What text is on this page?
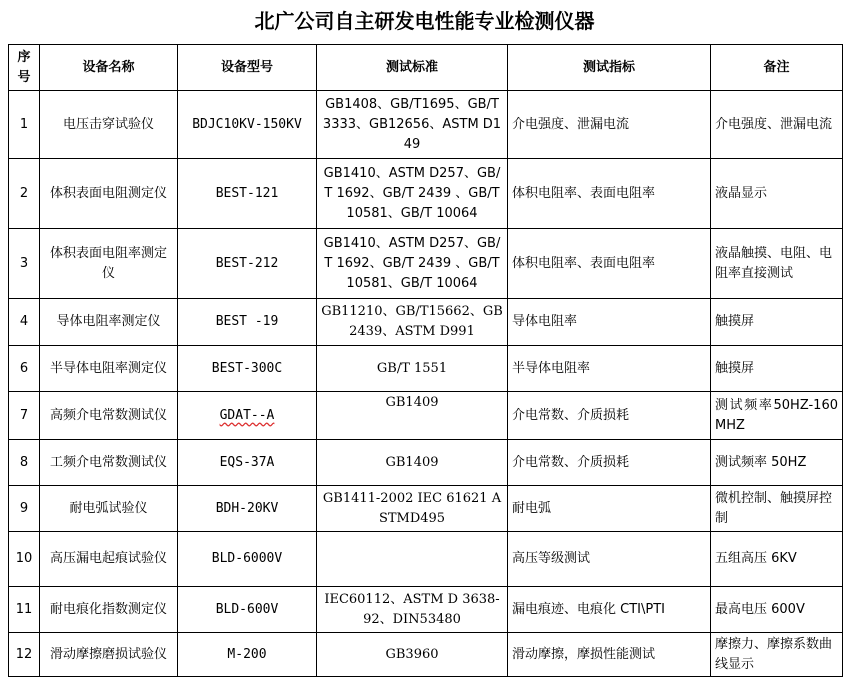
北广公司自主研发电性能专业检测仪器
序号	设备名称	设备型号	测试标准	测试指标	备注
1	电压击穿试验仪	BDJC10KV-150KV	GB1408、GB/T1695、GB/T3333、GB12656、ASTM D149	介电强度、泄漏电流	介电强度、泄漏电流
2	体积表面电阻测定仪	BEST-121	GB1410、ASTM D257、GB/T 1692、GB/T 2439 、GB/T 10581、GB/T 10064	体积电阻率、表面电阻率	液晶显示
3	体积表面电阻率测定仪	BEST-212	GB1410、ASTM D257、GB/T 1692、GB/T 2439 、GB/T 10581、GB/T 10064	体积电阻率、表面电阻率	液晶触摸、电阻、电阻率直接测试
4	导体电阻率测定仪	BEST -19	GB11210、GB/T15662、GB2439、ASTM D991	导体电阻率	触摸屏
6	半导体电阻率测定仪	BEST-300C	GB/T 1551	半导体电阻率	触摸屏
7	高频介电常数测试仪	GDAT--A	GB1409	介电常数、介质损耗	测试频率50HZ-160MHZ
8	工频介电常数测试仪	EQS-37A	GB1409	介电常数、介质损耗	测试频率 50HZ
9	耐电弧试验仪	BDH-20KV	GB1411-2002 IEC 61621 ASTMD495	耐电弧	微机控制、触摸屏控制
10	高压漏电起痕试验仪	BLD-6000V		高压等级测试	五组高压 6KV
11	耐电痕化指数测定仪	BLD-600V	IEC60112、ASTM D 3638-92、DIN53480	漏电痕迹、电痕化 CTI\PTI	最高电压 600V
12	滑动摩擦磨损试验仪	M-200	GB3960	滑动摩擦，摩损性能测试	摩擦力、摩擦系数曲线显示
